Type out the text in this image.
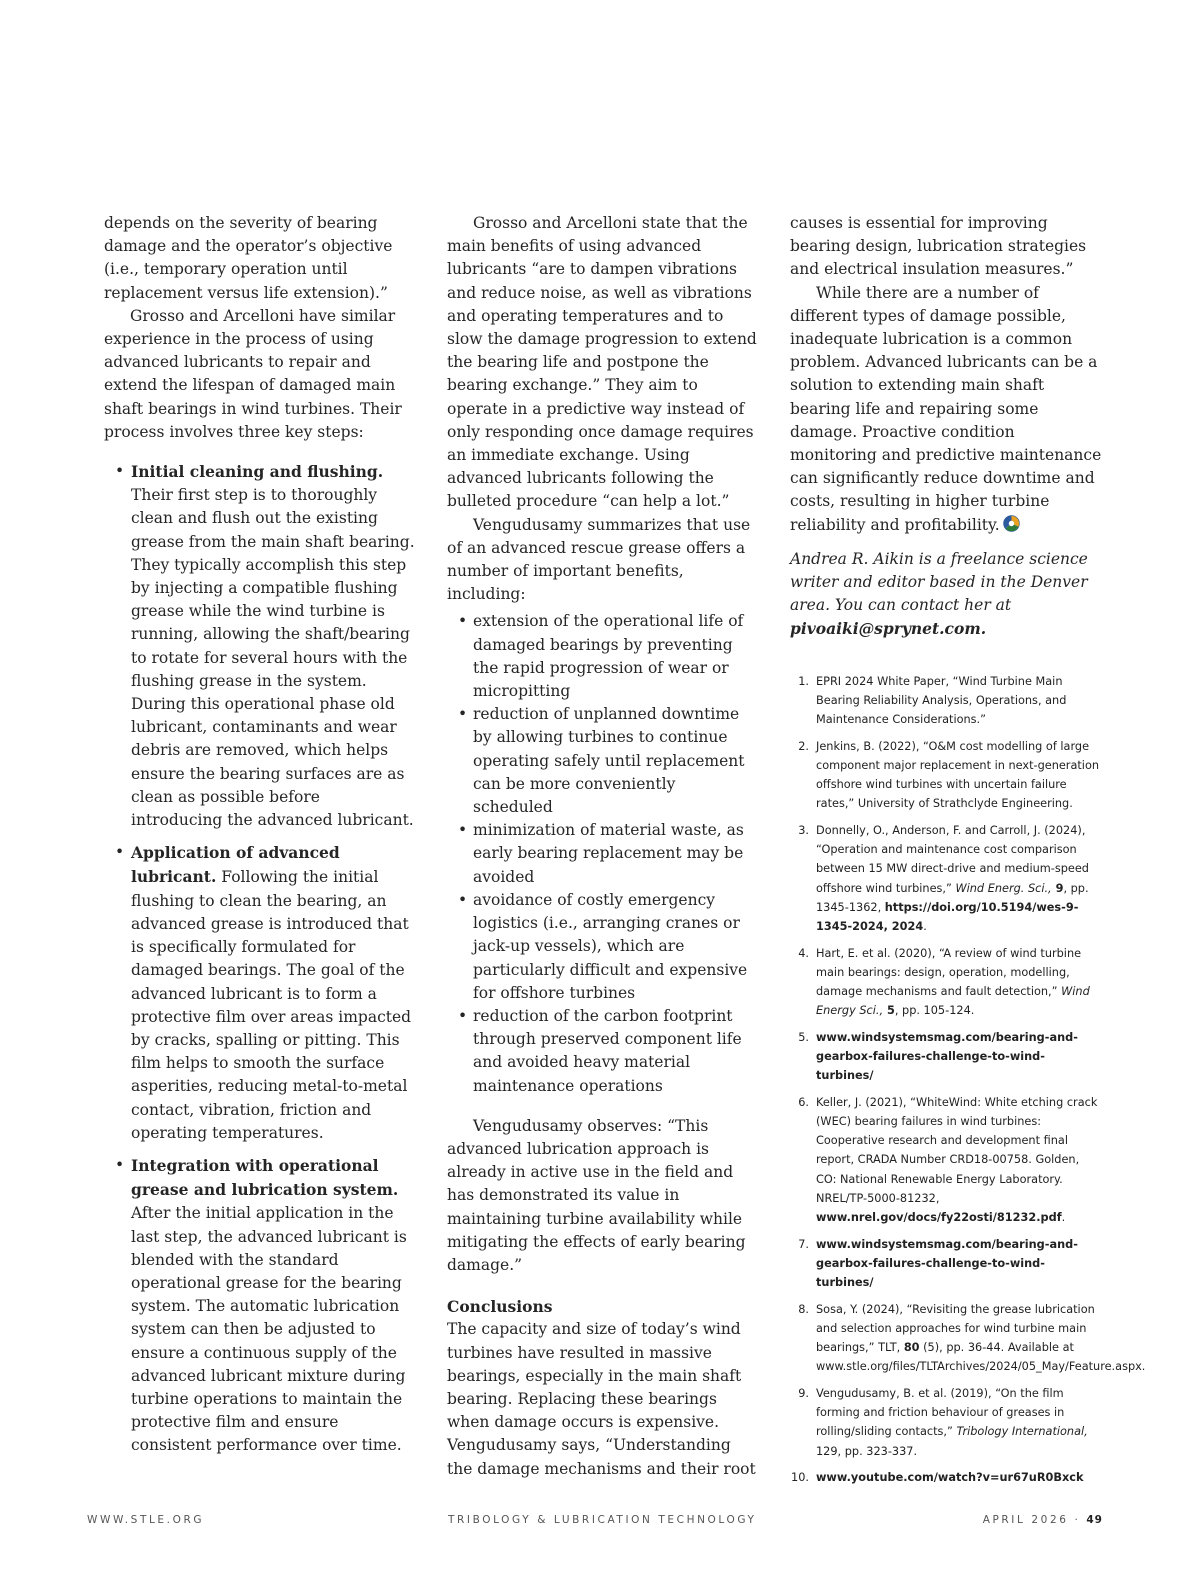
depends on the severity of bearing damage and the operator’s objective (i.e., temporary operation until replacement versus life extension).”

Grosso and Arcelloni have similar experience in the process of using advanced lubricants to repair and extend the lifespan of damaged main shaft bearings in wind turbines. Their process involves three key steps:

• Initial cleaning and flushing. Their first step is to thoroughly clean and flush out the existing grease from the main shaft bearing. They typically accomplish this step by injecting a compatible flushing grease while the wind turbine is running, allowing the shaft/bearing to rotate for several hours with the flushing grease in the system. During this operational phase old lubricant, contaminants and wear debris are removed, which helps ensure the bearing surfaces are as clean as possible before introducing the advanced lubricant.
• Application of advanced lubricant. Following the initial flushing to clean the bearing, an advanced grease is introduced that is specifically formulated for damaged bearings. The goal of the advanced lubricant is to form a protective film over areas impacted by cracks, spalling or pitting. This film helps to smooth the surface asperities, reducing metal-to-metal contact, vibration, friction and operating temperatures.
• Integration with operational grease and lubrication system. After the initial application in the last step, the advanced lubricant is blended with the standard operational grease for the bearing system. The automatic lubrication system can then be adjusted to ensure a continuous supply of the advanced lubricant mixture during turbine operations to maintain the protective film and ensure consistent performance over time.

Grosso and Arcelloni state that the main benefits of using advanced lubricants “are to dampen vibrations and reduce noise, as well as vibrations and operating temperatures and to slow the damage progression to extend the bearing life and postpone the bearing exchange.” They aim to operate in a predictive way instead of only responding once damage requires an immediate exchange. Using advanced lubricants following the bulleted procedure “can help a lot.”

Vengudusamy summarizes that use of an advanced rescue grease offers a number of important benefits, including:

• extension of the operational life of damaged bearings by preventing the rapid progression of wear or micropitting
• reduction of unplanned downtime by allowing turbines to continue operating safely until replacement can be more conveniently scheduled
• minimization of material waste, as early bearing replacement may be avoided
• avoidance of costly emergency logistics (i.e., arranging cranes or jack-up vessels), which are particularly difficult and expensive for offshore turbines
• reduction of the carbon footprint through preserved component life and avoided heavy material maintenance operations

Vengudusamy observes: “This advanced lubrication approach is already in active use in the field and has demonstrated its value in maintaining turbine availability while mitigating the effects of early bearing damage.”

Conclusions

The capacity and size of today’s wind turbines have resulted in massive bearings, especially in the main shaft bearing. Replacing these bearings when damage occurs is expensive. Vengudusamy says, “Understanding the damage mechanisms and their root

causes is essential for improving bearing design, lubrication strategies and electrical insulation measures.”

While there are a number of different types of damage possible, inadequate lubrication is a common problem. Advanced lubricants can be a solution to extending main shaft bearing life and repairing some damage. Proactive condition monitoring and predictive maintenance can significantly reduce downtime and costs, resulting in higher turbine reliability and profitability.

Andrea R. Aikin is a freelance science writer and editor based in the Denver area. You can contact her at pivoaiki@sprynet.com.

1. EPRI 2024 White Paper, “Wind Turbine Main Bearing Reliability Analysis, Operations, and Maintenance Considerations.”
2. Jenkins, B. (2022), “O&M cost modelling of large component major replacement in next-generation offshore wind turbines with uncertain failure rates,” University of Strathclyde Engineering.
3. Donnelly, O., Anderson, F. and Carroll, J. (2024), “Operation and maintenance cost comparison between 15 MW direct-drive and medium-speed offshore wind turbines,” Wind Energ. Sci., 9, pp. 1345-1362, https://doi.org/10.5194/wes-9-1345-2024, 2024.
4. Hart, E. et al. (2020), “A review of wind turbine main bearings: design, operation, modelling, damage mechanisms and fault detection,” Wind Energy Sci., 5, pp. 105-124.
5. www.windsystemsmag.com/bearing-and-gearbox-failures-challenge-to-wind-turbines/
6. Keller, J. (2021), “WhiteWind: White etching crack (WEC) bearing failures in wind turbines: Cooperative research and development final report, CRADA Number CRD18-00758. Golden, CO: National Renewable Energy Laboratory. NREL/TP-5000-81232, www.nrel.gov/docs/fy22osti/81232.pdf.
7. www.windsystemsmag.com/bearing-and-gearbox-failures-challenge-to-wind-turbines/
8. Sosa, Y. (2024), “Revisiting the grease lubrication and selection approaches for wind turbine main bearings,” TLT, 80 (5), pp. 36-44. Available at www.stle.org/files/TLTArchives/2024/05_May/Feature.aspx.
9. Vengudusamy, B. et al. (2019), “On the film forming and friction behaviour of greases in rolling/sliding contacts,” Tribology International, 129, pp. 323-337.
10. www.youtube.com/watch?v=ur67uR0Bxck
WWW.STLE.ORG	TRIBOLOGY & LUBRICATION TECHNOLOGY	APRIL 2026 · 49
